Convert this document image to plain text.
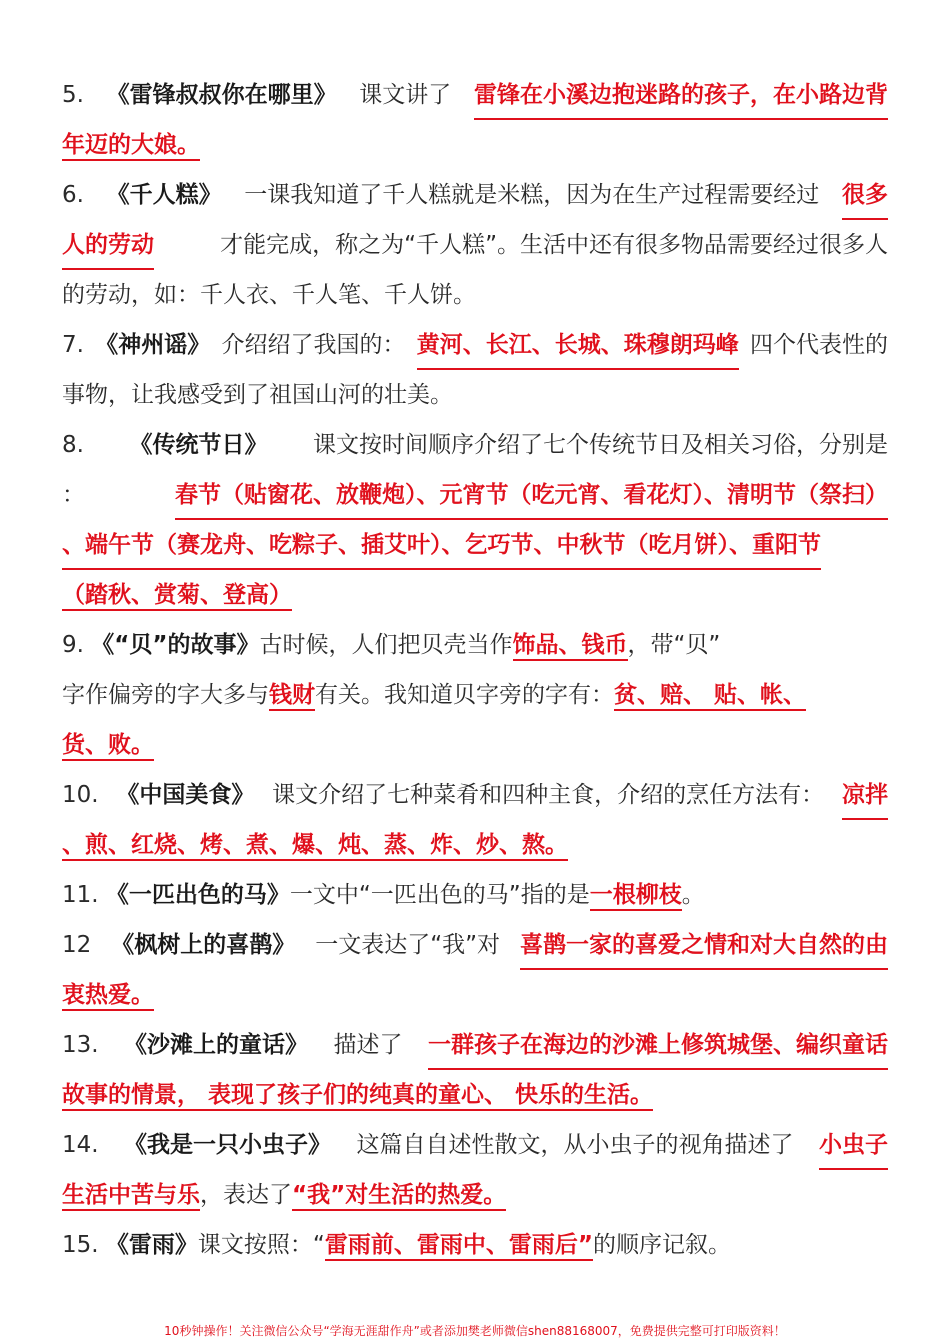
5. 《雷锋叔叔你在哪里》 课文讲了 雷锋在小溪边抱迷路的孩子，在小路边背
年迈的大娘。
6. 《千人糕》 一课我知道了千人糕就是米糕，因为在生产过程需要经过 很多
人的劳动	才能完成，称之为“千人糕”。生活中还有很多物品需要经过很多人
的劳动，如：千人衣、千人笔、千人饼。
7. 《神州谣》 介绍绍了我国的： 黄河、长江、长城、珠穆朗玛峰 四个代表性的
事物，让我感受到了祖国山河的壮美。
8. 《传统节日》 课文按时间顺序介绍了七个传统节日及相关习俗，分别是
：	春节（贴窗花、放鞭炮）、元宵节（吃元宵、看花灯）、清明节（祭扫）
、端午节（赛龙舟、吃粽子、插艾叶）、乞巧节、中秋节（吃月饼）、重阳节
（踏秋、赏菊、登高）
9. 《“贝”的故事》古时候，人们把贝壳当作饰品、钱币，带“贝”
字作偏旁的字大多与钱财有关。我知道贝字旁的字有：贫、赔、 贴、帐、
货、败。
10. 《中国美食》 课文介绍了七种菜肴和四种主食，介绍的烹任方法有： 凉拌
、煎、红烧、烤、煮、爆、炖、蒸、炸、炒、熬。
11. 《一匹出色的马》一文中“一匹出色的马”指的是一根柳枝。
12 《枫树上的喜鹊》 一文表达了“我”对 喜鹊一家的喜爱之情和对大自然的由
衷热爱。
13. 《沙滩上的童话》 描述了 一群孩子在海边的沙滩上修筑城堡、编织童话
故事的情景， 表现了孩子们的纯真的童心、 快乐的生活。
14. 《我是一只小虫子》 这篇自自述性散文，从小虫子的视角描述了 小虫子
生活中苦与乐，表达了“我”对生活的热爱。
15. 《雷雨》课文按照：“雷雨前、雷雨中、雷雨后”的顺序记叙。
10秒钟操作！关注微信公众号“学海无涯甜作舟”或者添加樊老师微信shen88168007，免费提供完整可打印版资料！
